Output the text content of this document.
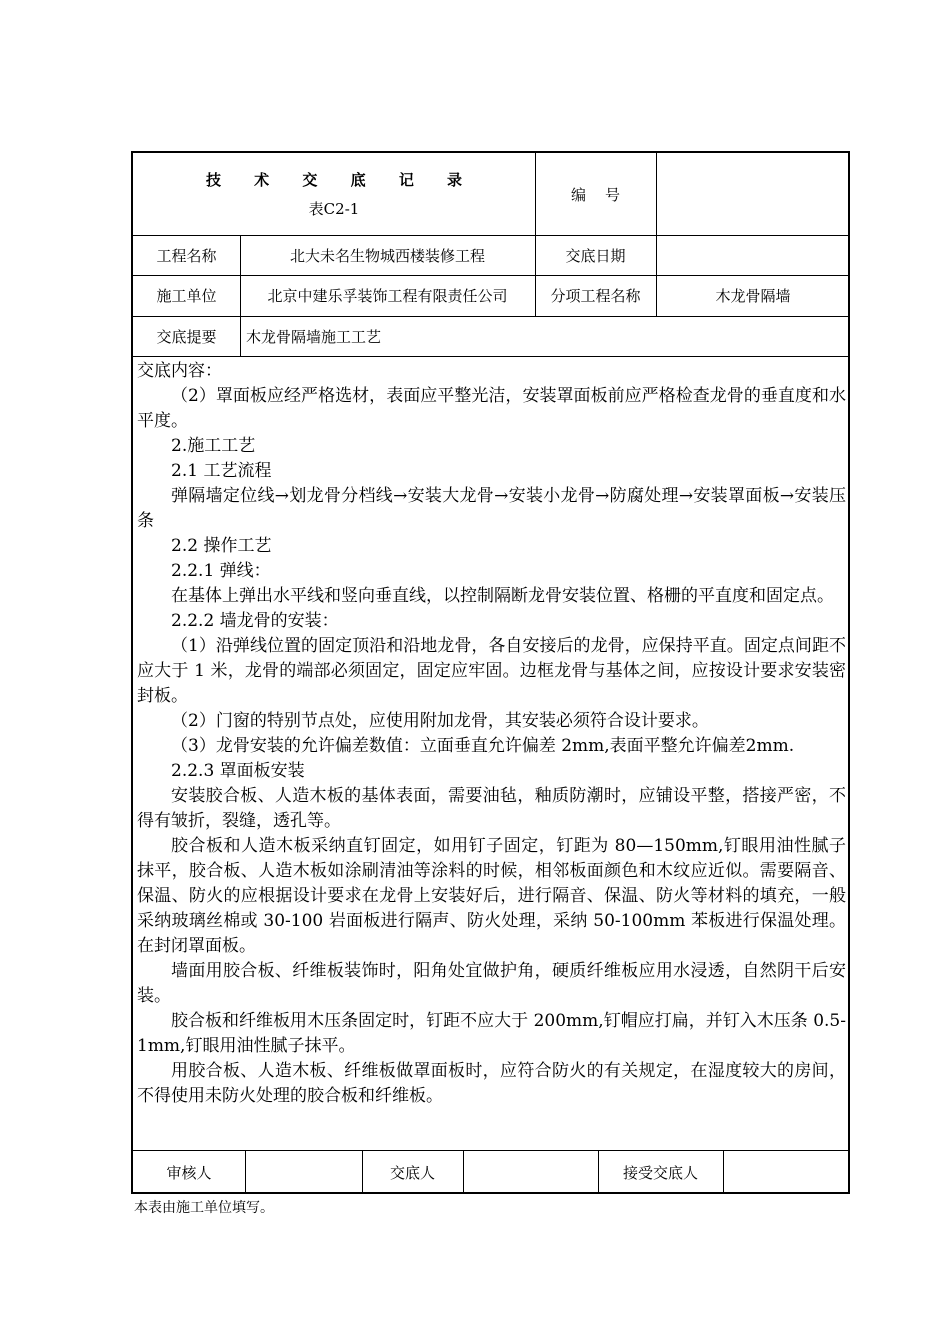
技 术 交 底 记 录
表C2-1
编    号
工程名称	北大未名生物城西楼装修工程	交底日期
施工单位	北京中建乐孚装饰工程有限责任公司	分项工程名称	木龙骨隔墙
交底提要	木龙骨隔墙施工工艺

交底内容：

（2）罩面板应经严格选材，表面应平整光洁，安装罩面板前应严格检查龙骨的垂直度和水平度。

2.施工工艺

2.1 工艺流程

弹隔墙定位线→划龙骨分档线→安装大龙骨→安装小龙骨→防腐处理→安装罩面板→安装压条

2.2 操作工艺

2.2.1 弹线：

在基体上弹出水平线和竖向垂直线，以控制隔断龙骨安装位置、格栅的平直度和固定点。

2.2.2 墙龙骨的安装：

（1）沿弹线位置的固定顶沿和沿地龙骨，各自安接后的龙骨，应保持平直。固定点间距不应大于 1 米，龙骨的端部必须固定，固定应牢固。边框龙骨与基体之间，应按设计要求安装密封板。

（2）门窗的特别节点处，应使用附加龙骨，其安装必须符合设计要求。

（3）龙骨安装的允许偏差数值：立面垂直允许偏差 2mm,表面平整允许偏差2mm.

2.2.3 罩面板安装

安装胶合板、人造木板的基体表面，需要油毡，釉质防潮时，应铺设平整，搭接严密，不得有皱折，裂缝，透孔等。

胶合板和人造木板采纳直钉固定，如用钉子固定，钉距为 80—150mm,钉眼用油性腻子抹平，胶合板、人造木板如涂刷清油等涂料的时候，相邻板面颜色和木纹应近似。需要隔音、保温、防火的应根据设计要求在龙骨上安装好后，进行隔音、保温、防火等材料的填充，一般采纳玻璃丝棉或 30-100 岩面板进行隔声、防火处理，采纳 50-100mm 苯板进行保温处理。在封闭罩面板。

墙面用胶合板、纤维板装饰时，阳角处宜做护角，硬质纤维板应用水浸透，自然阴干后安装。

胶合板和纤维板用木压条固定时，钉距不应大于 200mm,钉帽应打扁，并钉入木压条 0.5-1mm,钉眼用油性腻子抹平。

用胶合板、人造木板、纤维板做罩面板时，应符合防火的有关规定，在湿度较大的房间，不得使用未防火处理的胶合板和纤维板。

审核人	交底人	接受交底人
本表由施工单位填写。
